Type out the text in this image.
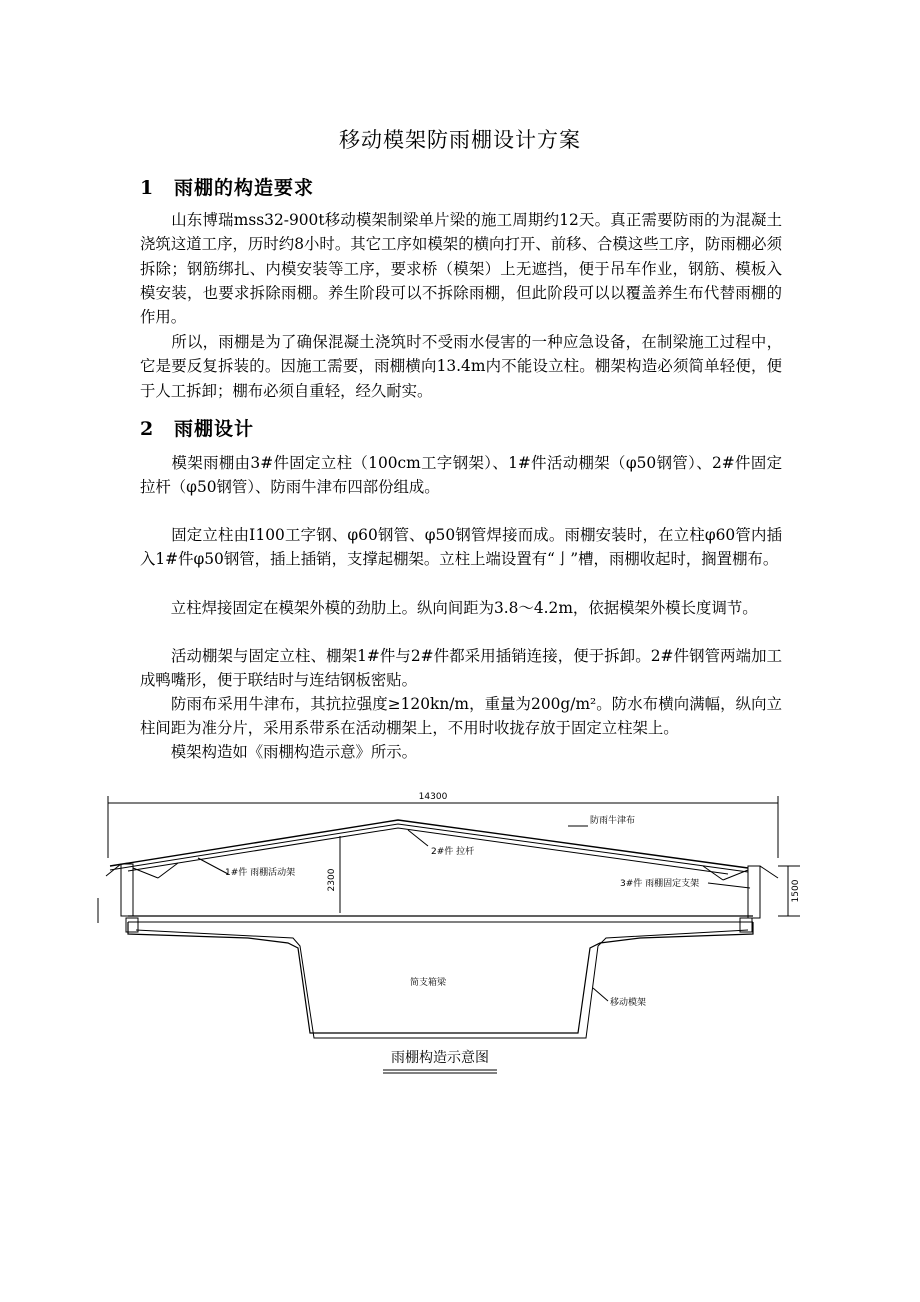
移动模架防雨棚设计方案
1 雨棚的构造要求
　　山东博瑞mss32-900t移动模架制梁单片梁的施工周期约12天。真正需要防雨的为混凝土浇筑这道工序，历时约8小时。其它工序如模架的横向打开、前移、合模这些工序，防雨棚必须拆除；钢筋绑扎、内模安装等工序，要求桥（模架）上无遮挡，便于吊车作业，钢筋、模板入模安装，也要求拆除雨棚。养生阶段可以不拆除雨棚，但此阶段可以以覆盖养生布代替雨棚的作用。
　　所以，雨棚是为了确保混凝土浇筑时不受雨水侵害的一种应急设备，在制梁施工过程中，它是要反复拆装的。因施工需要，雨棚横向13.4m内不能设立柱。棚架构造必须简单轻便，便于人工拆卸；棚布必须自重轻，经久耐实。
2 雨棚设计
　　模架雨棚由3#件固定立柱（100cm工字钢架）、1#件活动棚架（φ50钢管）、2#件固定拉杆（φ50钢管）、防雨牛津布四部份组成。
　　固定立柱由Ⅰ100工字钢、φ60钢管、φ50钢管焊接而成。雨棚安装时，在立柱φ60管内插入1#件φ50钢管，插上插销，支撑起棚架。立柱上端设置有“亅”槽，雨棚收起时，搁置棚布。
　　立柱焊接固定在模架外模的劲肋上。纵向间距为3.8～4.2m，依据模架外模长度调节。
　　活动棚架与固定立柱、棚架1#件与2#件都采用插销连接，便于拆卸。2#件钢管两端加工成鸭嘴形，便于联结时与连结钢板密贴。
　　防雨布采用牛津布，其抗拉强度≥120kn/m，重量为200g/m²。防水布横向满幅，纵向立柱间距为准分片，采用系带系在活动棚架上，不用时收拢存放于固定立柱架上。
　　模架构造如《雨棚构造示意》所示。
14300
2300	1500
防雨牛津布
2#件 拉杆
1#件 雨棚活动架
3#件 雨棚固定支架
简支箱梁
移动模架
雨棚构造示意图
